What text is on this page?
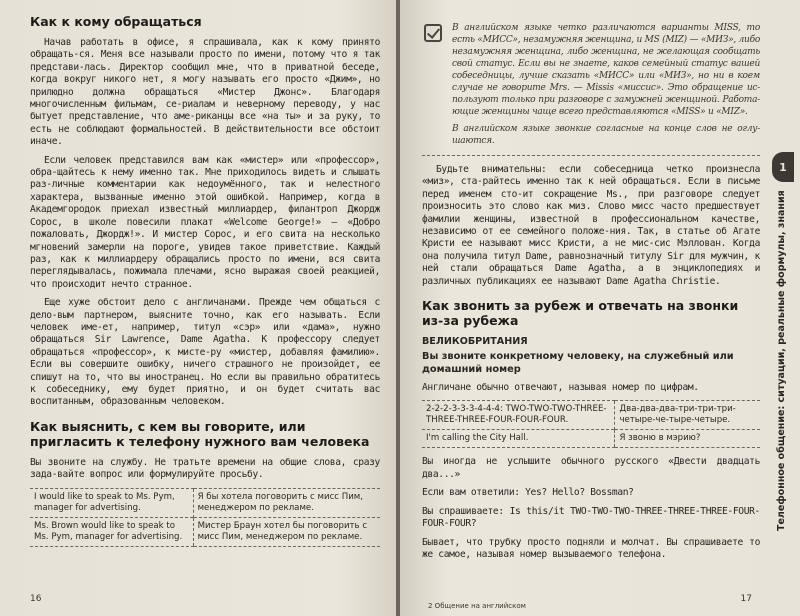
Как к кому обращаться

Начав работать в офисе, я спрашивала, как к кому принято обращать-ся. Меня все называли просто по имени, потому что я так представи-лась. Директор сообщил мне, что в приватной беседе, когда вокруг никого нет, я могу называть его просто «Джим», но прилюдно должна обращаться «Мистер Джонс». Благодаря многочисленным фильмам, се-риалам и неверному переводу, у нас бытует представление, что аме-риканцы все «на ты» и за руку, то есть не соблюдают формальностей. В действительности все обстоит иначе.

Если человек представился вам как «мистер» или «профессор», обра-щайтесь к нему именно так. Мне приходилось видеть и слышать раз-личные комментарии как недоумённого, так и нелестного характера, вызванные именно этой ошибкой. Например, когда в Академгородок приехал известный миллиардер, филантроп Джордж Сорос, в школе повесили плакат «Welcome George!» — «Добро пожаловать, Джордж!». И мистер Сорос, и его свита на несколько мгновений замерли на пороге, увидев такое приветствие. Каждый раз, как к миллиардеру обращались просто по имени, вся свита переглядывалась, пожимала плечами, ясно выражая своей реакцией, что происходит нечто странное.

Еще хуже обстоит дело с англичанами. Прежде чем общаться с дело-вым партнером, выясните точно, как его называть. Если человек име-ет, например, титул «сэр» или «дама», нужно обращаться Sir Lawrence, Dame Agatha. К профессору следует обращаться «профессор», к мисте-ру «мистер, добавляя фамилию». Если вы совершите ошибку, ничего страшного не произойдет, ее спишут на то, что вы иностранец. Но если вы правильно обратитесь к собеседнику, ему будет приятно, и он будет считать вас воспитанным, образованным человеком.

Как выяснить, с кем вы говорите, или пригласить к телефону нужного вам человека

Вы звоните на службу. Не тратьте времени на общие слова, сразу зада-вайте вопрос или формулируйте просьбу.

I would like to speak to Ms. Pym, manager for advertising.	Я бы хотела поговорить с мисс Пим, менеджером по рекламе.
Ms. Brown would like to speak to Ms. Pym, manager for advertising.	Мистер Браун хотел бы поговорить с мисс Пим, менеджером по рекламе.
16

В английском языке четко различаются варианты MISS, то есть «МИСС», незамужняя женщина, и MS (MIZ) — «МИЗ», либо незамужняя женщина, либо женщина, не желающая сообщать свой статус. Если вы не знаете, каков семейный статус вашей собеседницы, лучше сказать «МИСС» или «МИЗ», но ни в коем случае не говорите Mrs. — Missis «миссис». Это обращение ис-пользуют только при разговоре с замужней женщиной. Работа-ющие женщины чаще всего представляются «MISS» и «MIZ».

В английском языке звонкие согласные на конце слов не оглу-шаются.

Будьте внимательны: если собеседница четко произнесла «миз», ста-райтесь именно так к ней обращаться. Если в письме перед именем сто-ит сокращение Ms., при разговоре следует произносить это слово как миз. Слово мисс часто предшествует фамилии женщины, известной в профессиональном качестве, независимо от ее семейного положе-ния. Так, в статье об Агате Кристи ее называют мисс Кристи, а не мис-сис Мэллован. Когда она получила титул Dame, равнозначный титулу Sir для мужчин, к ней стали обращаться Dame Agatha, а в энциклопедиях и различных публикациях ее называют Dame Agatha Christie.

Как звонить за рубеж и отвечать на звонки из-за рубежа
ВЕЛИКОБРИТАНИЯ
Вы звоните конкретному человеку, на служебный или домашний номер

Англичане обычно отвечают, называя номер по цифрам.

2-2-2-3-3-3-4-4-4: TWO-TWO-TWO-THREE-THREE-THREE-FOUR-FOUR-FOUR.	Два-два-два-три-три-три-четыре-че-тыре-четыре.
I'm calling the City Hall.	Я звоню в мэрию?

Вы иногда не услышите обычного русского «Двести двадцать два...»

Если вам ответили: Yes? Hello? Bossman?

Вы спрашиваете: Is this/it TWO-TWO-TWO-THREE-THREE-THREE-FOUR-FOUR-FOUR?

Бывает, что трубку просто подняли и молчат. Вы спрашиваете то же самое, называя номер вызываемого телефона.

1
Телефонное общение: ситуации, реальные формулы, знания
2 Общение на английском
17
